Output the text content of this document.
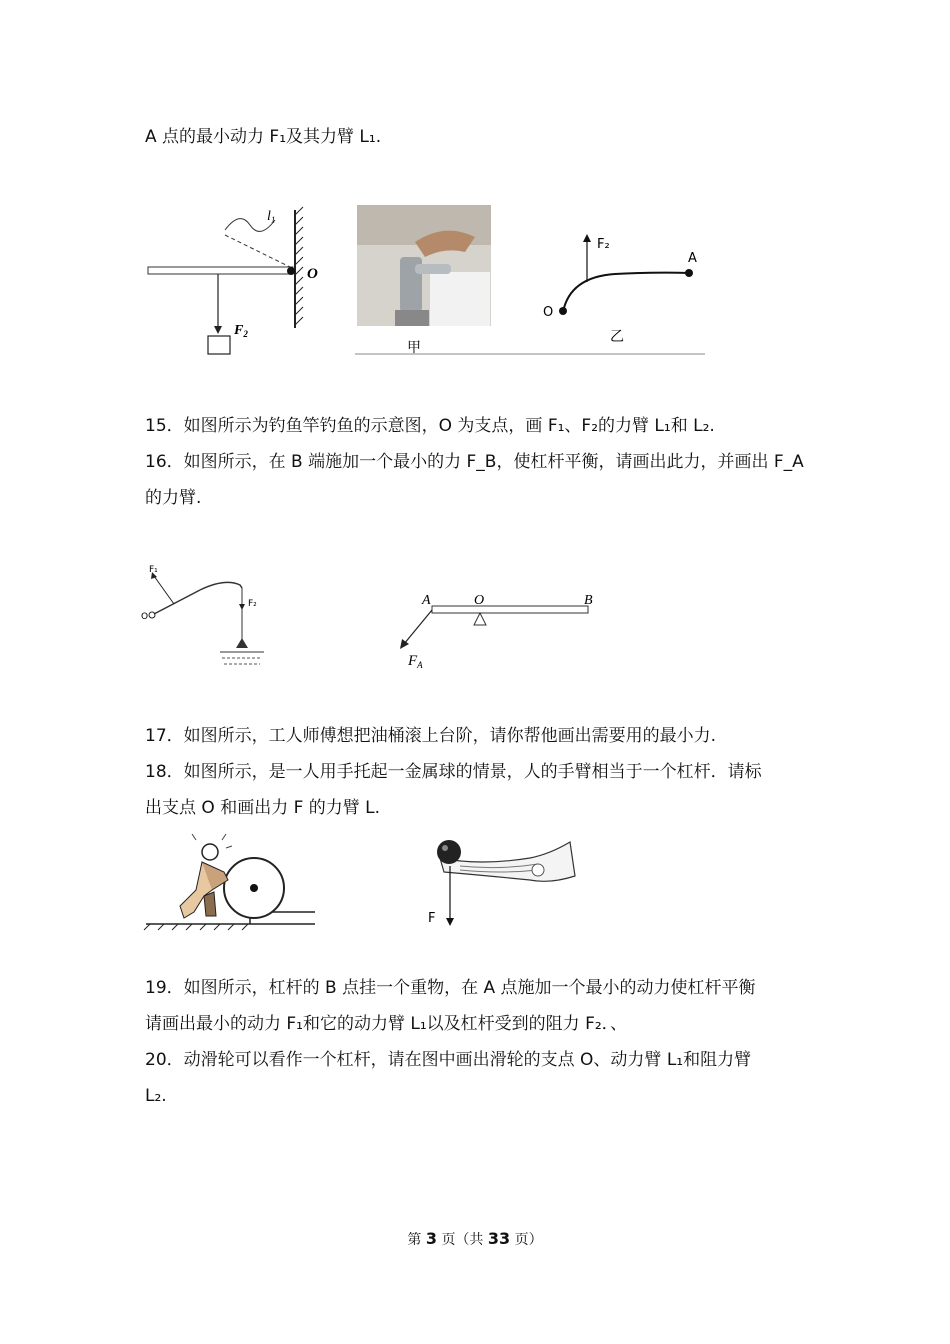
A 点的最小动力 F₁及其力臂 L₁.
$l_1$
O
$F_2$
甲
乙
F₂
A
O
15．如图所示为钓鱼竿钓鱼的示意图，O 为支点，画 F₁、F₂的力臂 L₁和 L₂.
16．如图所示，在 B 端施加一个最小的力 F_B，使杠杆平衡，请画出此力，并画出 F_A
的力臂.
F₁
F₂
O
A	O	B
$F_A$
17．如图所示，工人师傅想把油桶滚上台阶，请你帮他画出需要用的最小力.
18．如图所示，是一人用手托起一金属球的情景，人的手臂相当于一个杠杆．请标
出支点 O 和画出力 F 的力臂 L.
F
19．如图所示，杠杆的 B 点挂一个重物，在 A 点施加一个最小的动力使杠杆平衡
请画出最小的动力 F₁和它的动力臂 L₁以及杠杆受到的阻力 F₂．、
20．动滑轮可以看作一个杠杆，请在图中画出滑轮的支点 O、动力臂 L₁和阻力臂
L₂.
第 3 页（共 33 页）
